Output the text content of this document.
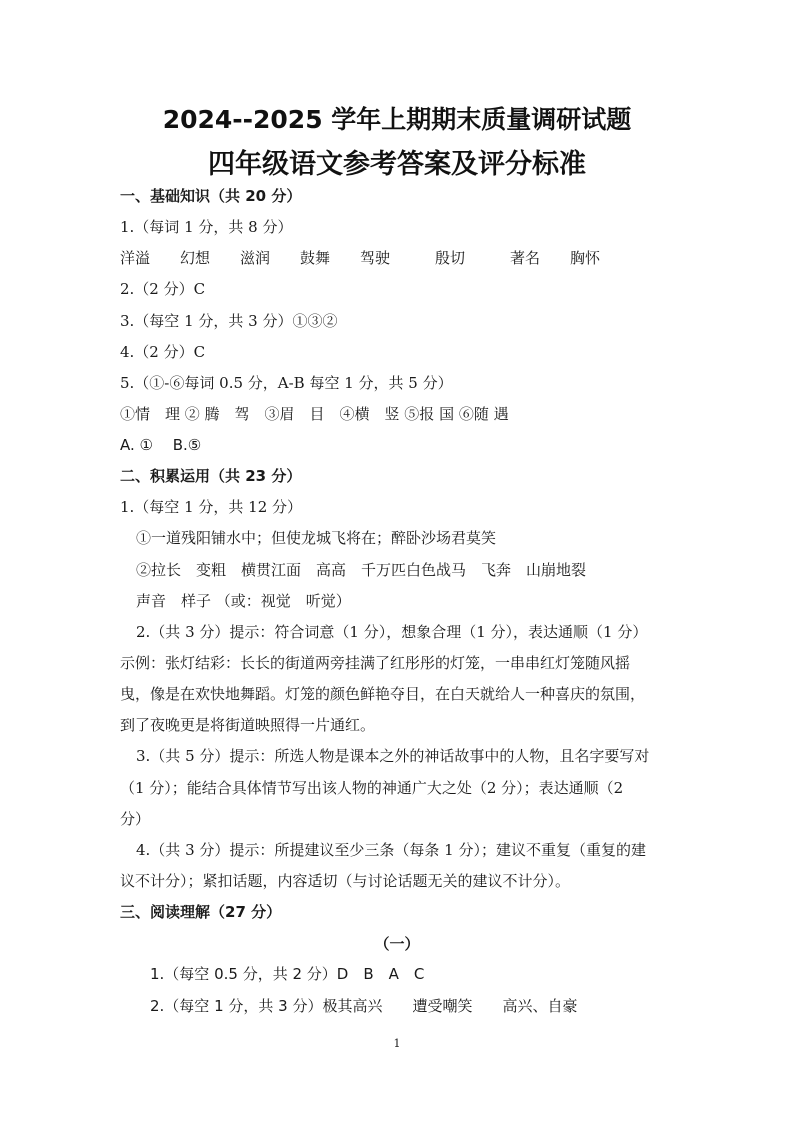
2024--2025 学年上期期末质量调研试题
四年级语文参考答案及评分标准
一、基础知识（共 20 分）
1.（每词 1 分，共 8 分）
洋溢　　幻想　　滋润　　鼓舞　　驾驶　　　殷切　　　著名　　胸怀
2.（2 分）C
3.（每空 1 分，共 3 分）①③②
4.（2 分）C
5.（①-⑥每词 0.5 分，A-B 每空 1 分，共 5 分）
①情　理 ② 腾　驾　③眉　目　④横　竖 ⑤报 国 ⑥随 遇
A. ①　 B.⑤
二、积累运用（共 23 分）
1.（每空 1 分，共 12 分）
①一道残阳铺水中；但使龙城飞将在；醉卧沙场君莫笑
②拉长　变粗　横贯江面　高高　千万匹白色战马　飞奔　山崩地裂
声音　样子 （或：视觉　听觉）
2.（共 3 分）提示：符合词意（1 分），想象合理（1 分），表达通顺（1 分）
示例：张灯结彩：长长的街道两旁挂满了红彤彤的灯笼，一串串红灯笼随风摇
曳，像是在欢快地舞蹈。灯笼的颜色鲜艳夺目，在白天就给人一种喜庆的氛围，
到了夜晚更是将街道映照得一片通红。
3.（共 5 分）提示：所选人物是课本之外的神话故事中的人物，且名字要写对
（1 分）；能结合具体情节写出该人物的神通广大之处（2 分）；表达通顺（2
分）
4.（共 3 分）提示：所提建议至少三条（每条 1 分）；建议不重复（重复的建
议不计分）；紧扣话题，内容适切（与讨论话题无关的建议不计分）。
三、阅读理解（27 分）
（一）
1.（每空 0.5 分，共 2 分）D　B　A　C
2.（每空 1 分，共 3 分）极其高兴　　遭受嘲笑　　高兴、自豪
1
